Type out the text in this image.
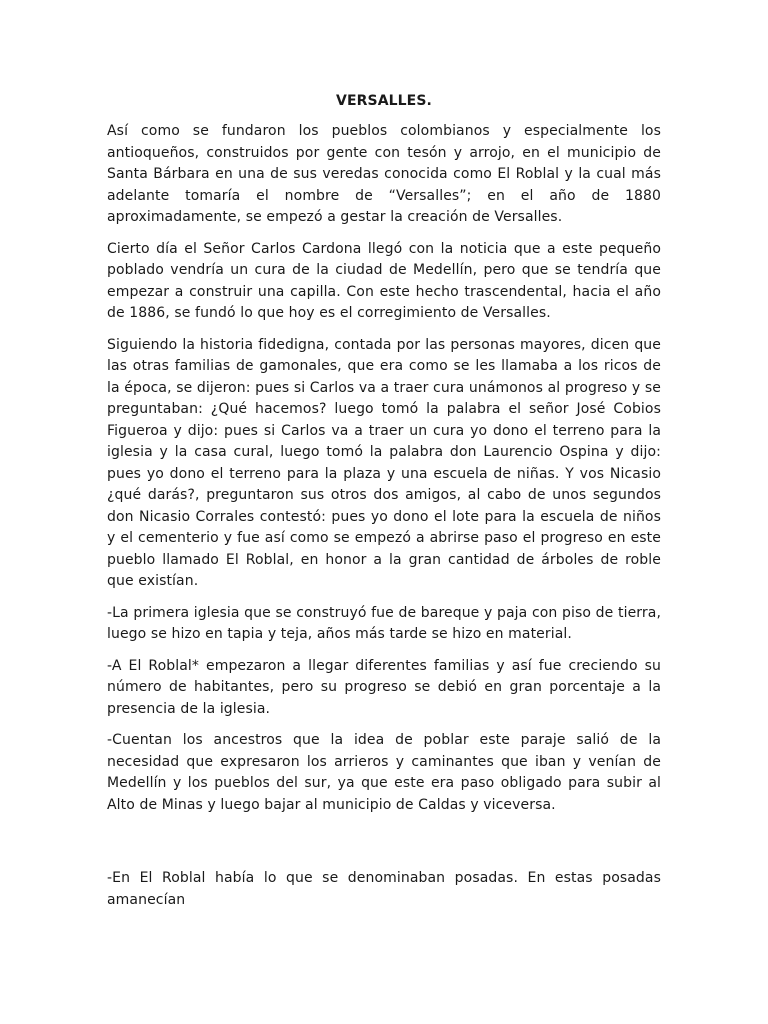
VERSALLES.

Así como se fundaron los pueblos colombianos y especialmente los antioqueños, construidos por gente con tesón y arrojo, en el municipio de Santa Bárbara en una de sus veredas conocida como El Roblal y la cual más adelante tomaría el nombre de “Versalles”; en el año de 1880 aproximadamente, se empezó a gestar la creación de Versalles.

Cierto día el Señor Carlos Cardona llegó con la noticia que a este pequeño poblado vendría un cura de la ciudad de Medellín, pero que se tendría que empezar a construir una capilla. Con este hecho trascendental, hacia el año de 1886, se fundó lo que hoy es el corregimiento de Versalles.

Siguiendo la historia fidedigna, contada por las personas mayores, dicen que las otras familias de gamonales, que era como se les llamaba a los ricos de la época, se dijeron: pues si Carlos va a traer cura unámonos al progreso y se preguntaban: ¿Qué hacemos? luego tomó la palabra el señor José Cobios Figueroa y dijo: pues si Carlos va a traer un cura yo dono el terreno para la iglesia y la casa cural, luego tomó la palabra don Laurencio Ospina y dijo: pues yo dono el terreno para la plaza y una escuela de niñas. Y vos Nicasio ¿qué darás?, preguntaron sus otros dos amigos, al cabo de unos segundos don Nicasio Corrales contestó: pues yo dono el lote para la escuela de niños y el cementerio y fue así como se empezó a abrirse paso el progreso en este pueblo llamado El Roblal, en honor a la gran cantidad de árboles de roble que existían.

-La primera iglesia que se construyó fue de bareque y paja con piso de tierra, luego se hizo en tapia y teja, años más tarde se hizo en material.

-A El Roblal* empezaron a llegar diferentes familias y así fue creciendo su número de habitantes, pero su progreso se debió en gran porcentaje a la presencia de la iglesia.

-Cuentan los ancestros que la idea de poblar este paraje salió de la necesidad que expresaron los arrieros y caminantes que iban y venían de Medellín y los pueblos del sur, ya que este era paso obligado para subir al Alto de Minas y luego bajar al municipio de Caldas y viceversa.

-En El Roblal había lo que se denominaban posadas. En estas posadas amanecían
